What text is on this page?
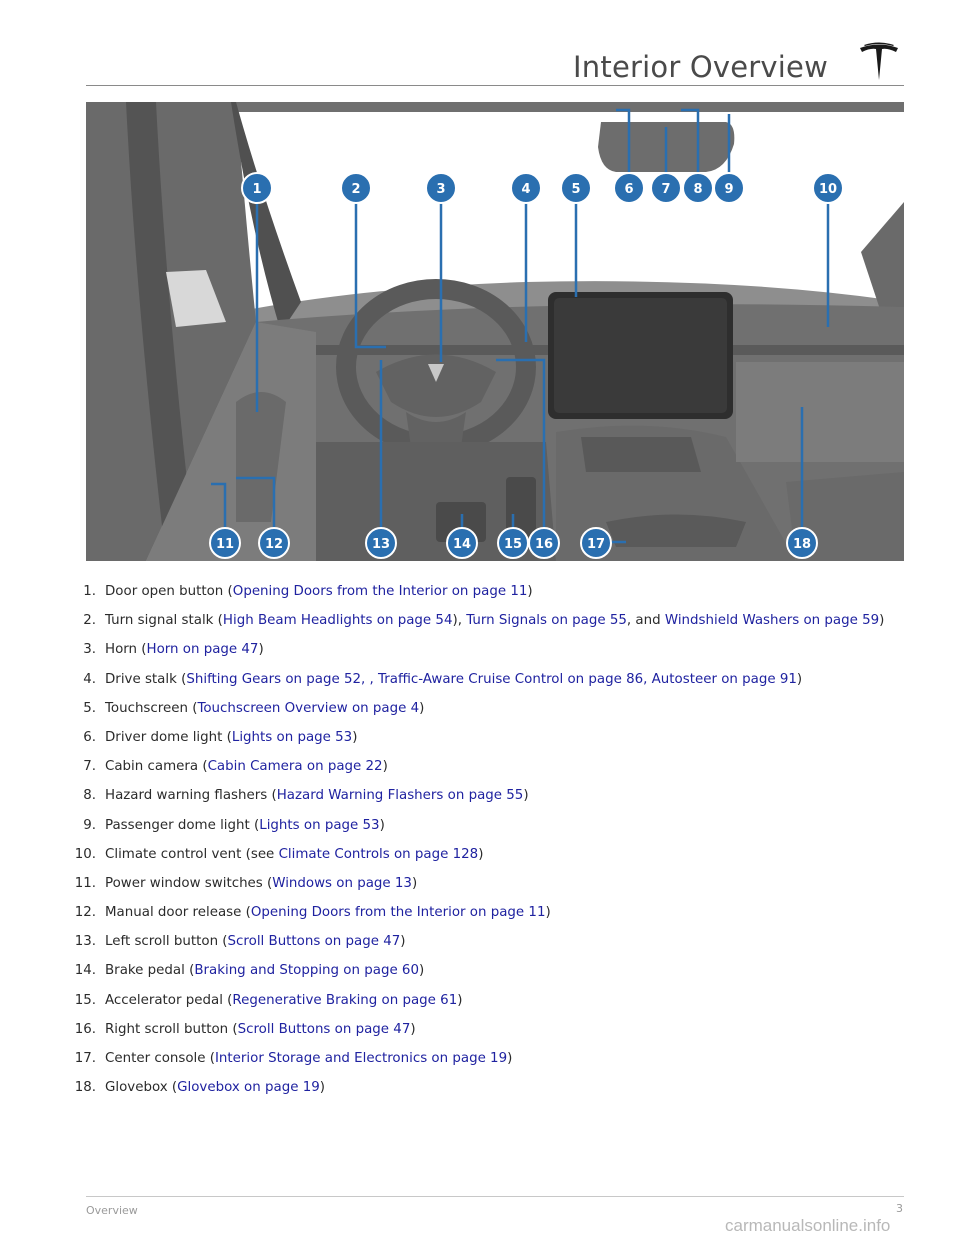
Interior Overview
1	2	3	4	5	6 7 8 9	10
11 12	13	14	15 16	17	18
1. Door open button (Opening Doors from the Interior on page 11)
2. Turn signal stalk (High Beam Headlights on page 54), Turn Signals on page 55, and Windshield Washers on page 59)
3. Horn (Horn on page 47)
4. Drive stalk (Shifting Gears on page 52, , Traffic-Aware Cruise Control on page 86, Autosteer on page 91)
5. Touchscreen (Touchscreen Overview on page 4)
6. Driver dome light (Lights on page 53)
7. Cabin camera (Cabin Camera on page 22)
8. Hazard warning flashers (Hazard Warning Flashers on page 55)
9. Passenger dome light (Lights on page 53)
10. Climate control vent (see Climate Controls on page 128)
11. Power window switches (Windows on page 13)
12. Manual door release (Opening Doors from the Interior on page 11)
13. Left scroll button (Scroll Buttons on page 47)
14. Brake pedal (Braking and Stopping on page 60)
15. Accelerator pedal (Regenerative Braking on page 61)
16. Right scroll button (Scroll Buttons on page 47)
17. Center console (Interior Storage and Electronics on page 19)
18. Glovebox (Glovebox on page 19)
Overview	3
carmanualsonline.info
